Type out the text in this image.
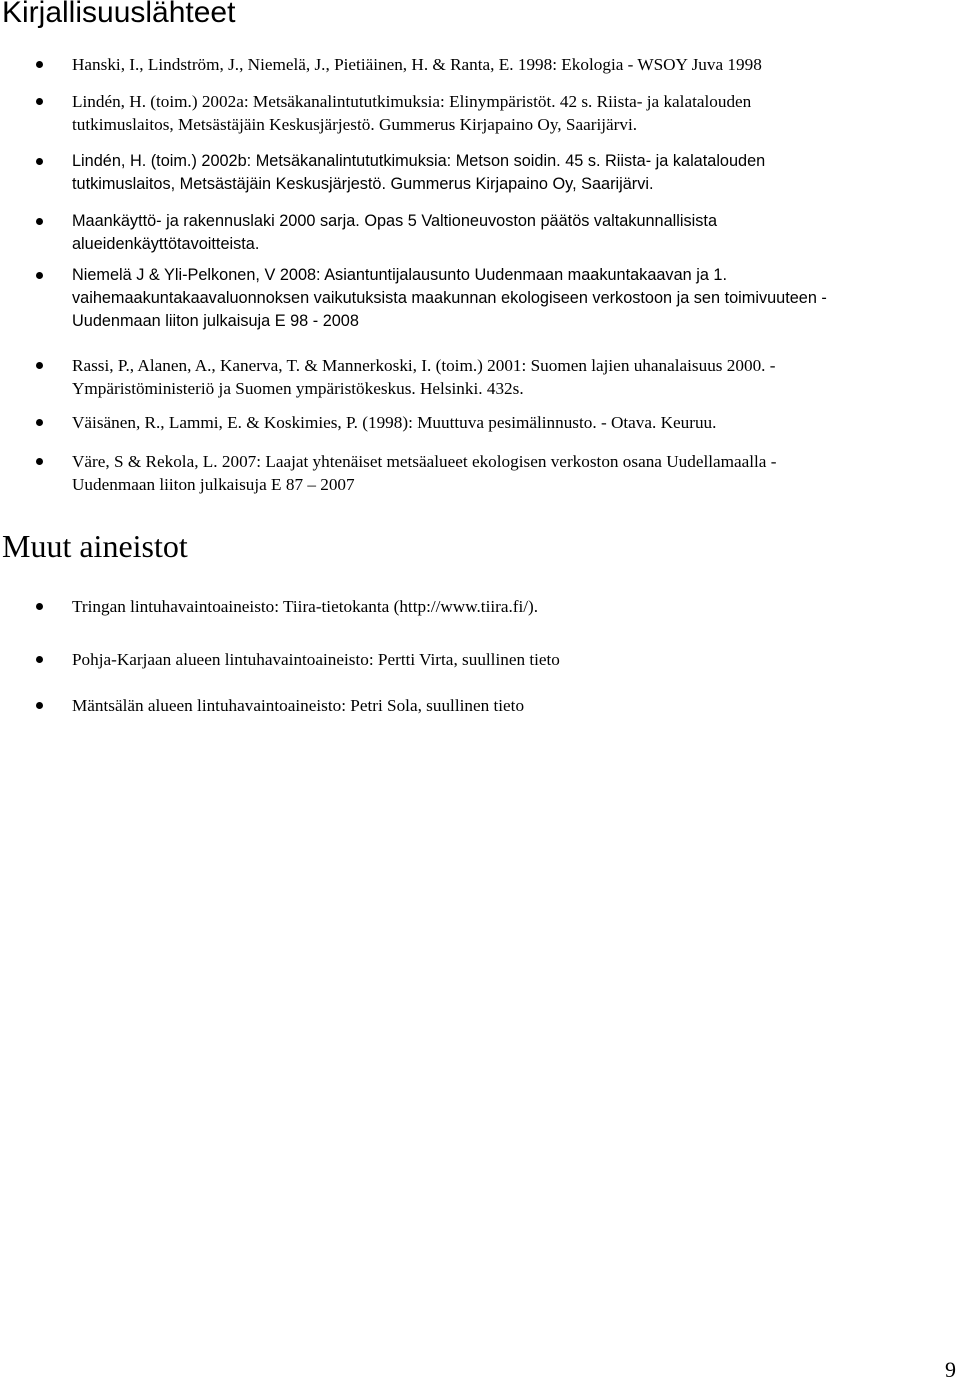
Kirjallisuuslähteet

Hanski, I., Lindström, J., Niemelä, J., Pietiäinen, H. & Ranta, E. 1998: Ekologia - WSOY Juva 1998

Lindén, H. (toim.) 2002a: Metsäkanalintututkimuksia: Elinympäristöt. 42 s. Riista- ja kalatalouden
tutkimuslaitos, Metsästäjäin Keskusjärjestö. Gummerus Kirjapaino Oy, Saarijärvi.

Lindén, H. (toim.) 2002b: Metsäkanalintututkimuksia: Metson soidin. 45 s. Riista- ja kalatalouden
tutkimuslaitos, Metsästäjäin Keskusjärjestö. Gummerus Kirjapaino Oy, Saarijärvi.

Maankäyttö- ja rakennuslaki 2000 sarja. Opas 5 Valtioneuvoston päätös valtakunnallisista
alueidenkäyttötavoitteista.

Niemelä J & Yli-Pelkonen, V 2008: Asiantuntijalausunto Uudenmaan maakuntakaavan ja 1.
vaihemaakuntakaavaluonnoksen vaikutuksista maakunnan ekologiseen verkostoon ja sen toimivuuteen -
Uudenmaan liiton julkaisuja E 98 - 2008

Rassi, P., Alanen, A., Kanerva, T. & Mannerkoski, I. (toim.) 2001: Suomen lajien uhanalaisuus 2000. -
Ympäristöministeriö ja Suomen ympäristökeskus. Helsinki. 432s.

Väisänen, R., Lammi, E. & Koskimies, P. (1998): Muuttuva pesimälinnusto. - Otava. Keuruu.

Väre, S & Rekola, L. 2007: Laajat yhtenäiset metsäalueet ekologisen verkoston osana Uudellamaalla -
Uudenmaan liiton julkaisuja E 87 – 2007

Muut aineistot

Tringan lintuhavaintoaineisto: Tiira-tietokanta (http://www.tiira.fi/).

Pohja-Karjaan alueen lintuhavaintoaineisto: Pertti Virta, suullinen tieto

Mäntsälän alueen lintuhavaintoaineisto: Petri Sola, suullinen tieto

9
